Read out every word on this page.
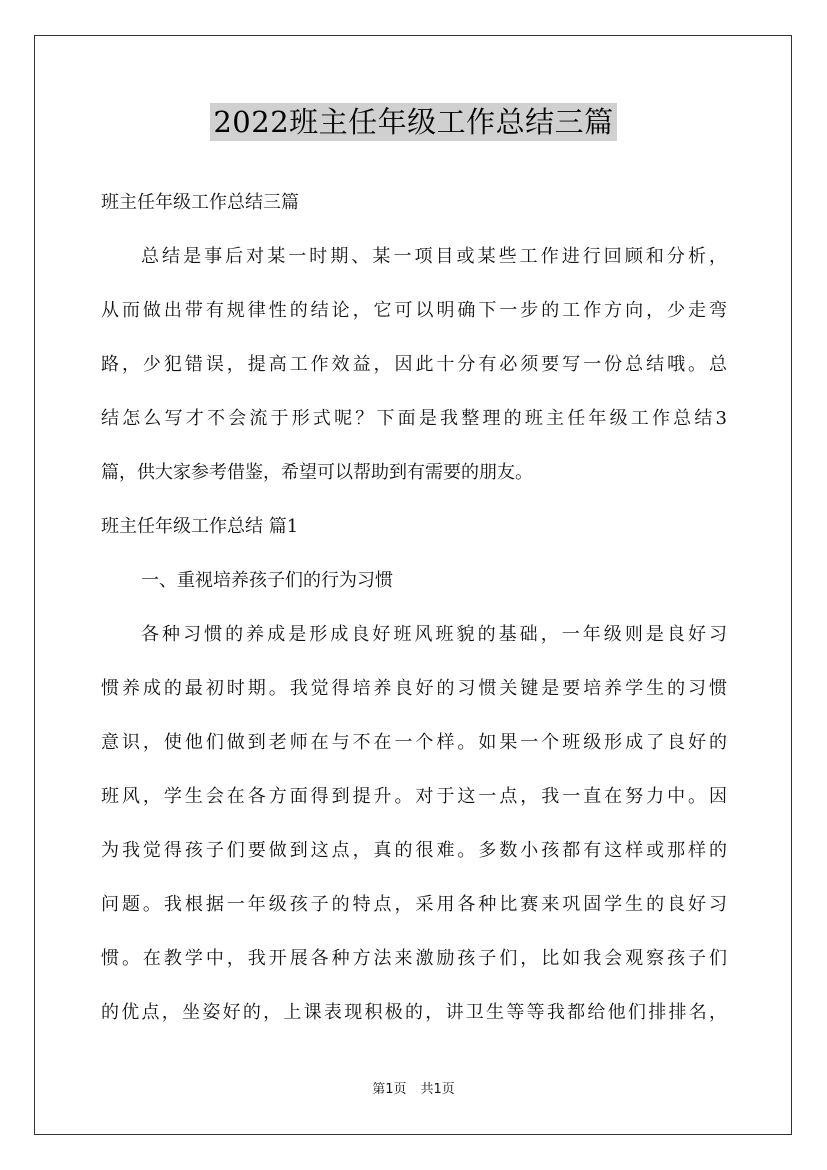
2022班主任年级工作总结三篇

班主任年级工作总结三篇

总结是事后对某一时期、某一项目或某些工作进行回顾和分析，
从而做出带有规律性的结论，它可以明确下一步的工作方向，少走弯
路，少犯错误，提高工作效益，因此十分有必须要写一份总结哦。总
结怎么写才不会流于形式呢？下面是我整理的班主任年级工作总结3
篇，供大家参考借鉴，希望可以帮助到有需要的朋友。

班主任年级工作总结 篇1

一、重视培养孩子们的行为习惯

各种习惯的养成是形成良好班风班貌的基础，一年级则是良好习
惯养成的最初时期。我觉得培养良好的习惯关键是要培养学生的习惯
意识，使他们做到老师在与不在一个样。如果一个班级形成了良好的
班风，学生会在各方面得到提升。对于这一点，我一直在努力中。因
为我觉得孩子们要做到这点，真的很难。多数小孩都有这样或那样的
问题。我根据一年级孩子的特点，采用各种比赛来巩固学生的良好习
惯。在教学中，我开展各种方法来激励孩子们，比如我会观察孩子们
的优点，坐姿好的，上课表现积极的，讲卫生等等我都给他们排排名，

第1页 共1页
